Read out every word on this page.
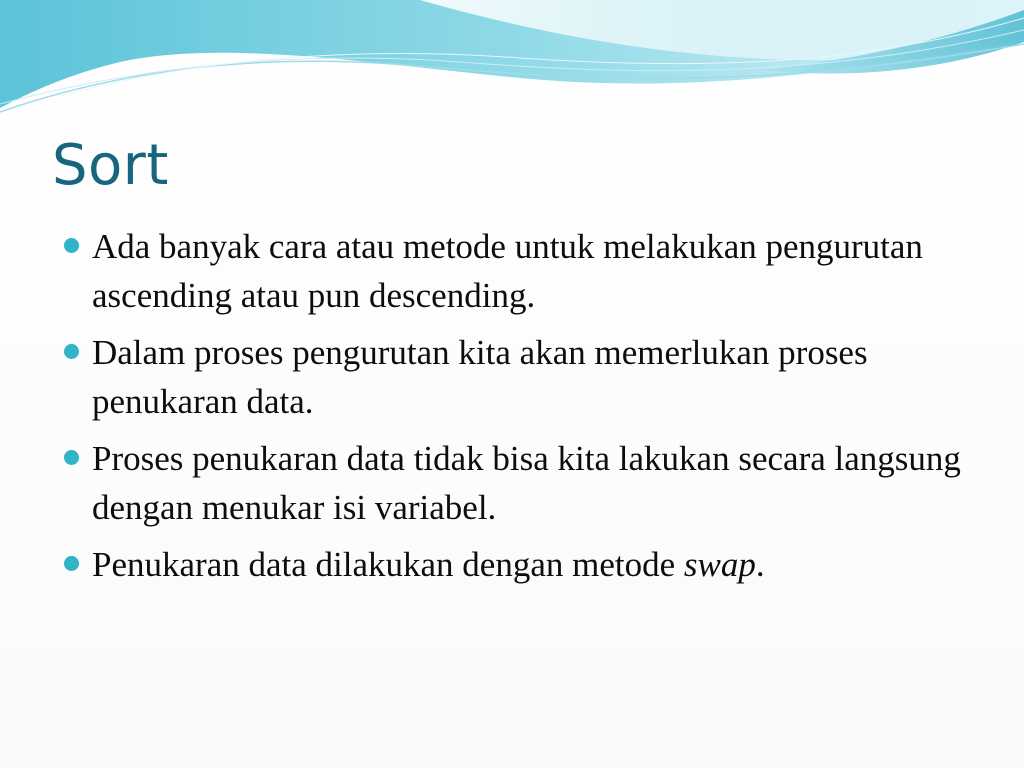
Sort
Ada banyak cara atau metode untuk melakukan pengurutan ascending atau pun descending.
Dalam proses pengurutan kita akan memerlukan proses penukaran data.
Proses penukaran data tidak bisa kita lakukan secara langsung dengan menukar isi variabel.
Penukaran data dilakukan dengan metode swap.
